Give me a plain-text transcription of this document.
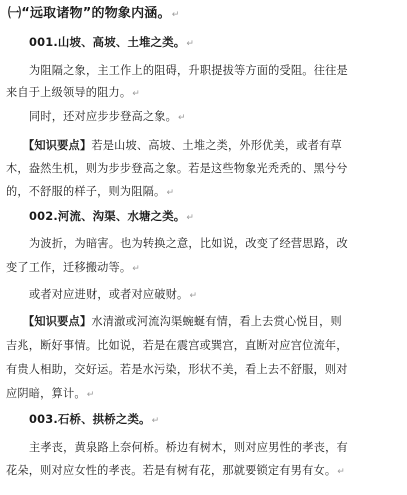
㈠“远取诸物”的物象内涵。↵
001.山坡、高坡、土堆之类。↵
为阻隔之象，主工作上的阻碍，升职提拔等方面的受阻。往往是
来自于上级领导的阻力。↵
同时，还对应步步登高之象。↵
【知识要点】若是山坡、高坡、土堆之类，外形优美，或者有草
木，盎然生机，则为步步登高之象。若是这些物象光秃秃的、黑兮兮
的，不舒服的样子，则为阻隔。↵
002.河流、沟渠、水塘之类。↵
为波折，为暗害。也为转换之意，比如说，改变了经营思路，改
变了工作，迁移搬动等。↵
或者对应进财，或者对应破财。↵
【知识要点】水清澈或河流沟渠蜿蜒有情，看上去赏心悦目，则
吉兆，断好事情。比如说，若是在震宫或巽宫，直断对应宫位流年，
有贵人相助，交好运。若是水污染，形状不美，看上去不舒服，则对
应阴暗，算计。↵
003.石桥、拱桥之类。↵
主孝丧，黄泉路上奈何桥。桥边有树木，则对应男性的孝丧，有
花朵，则对应女性的孝丧。若是有树有花，那就要锁定有男有女。↵
